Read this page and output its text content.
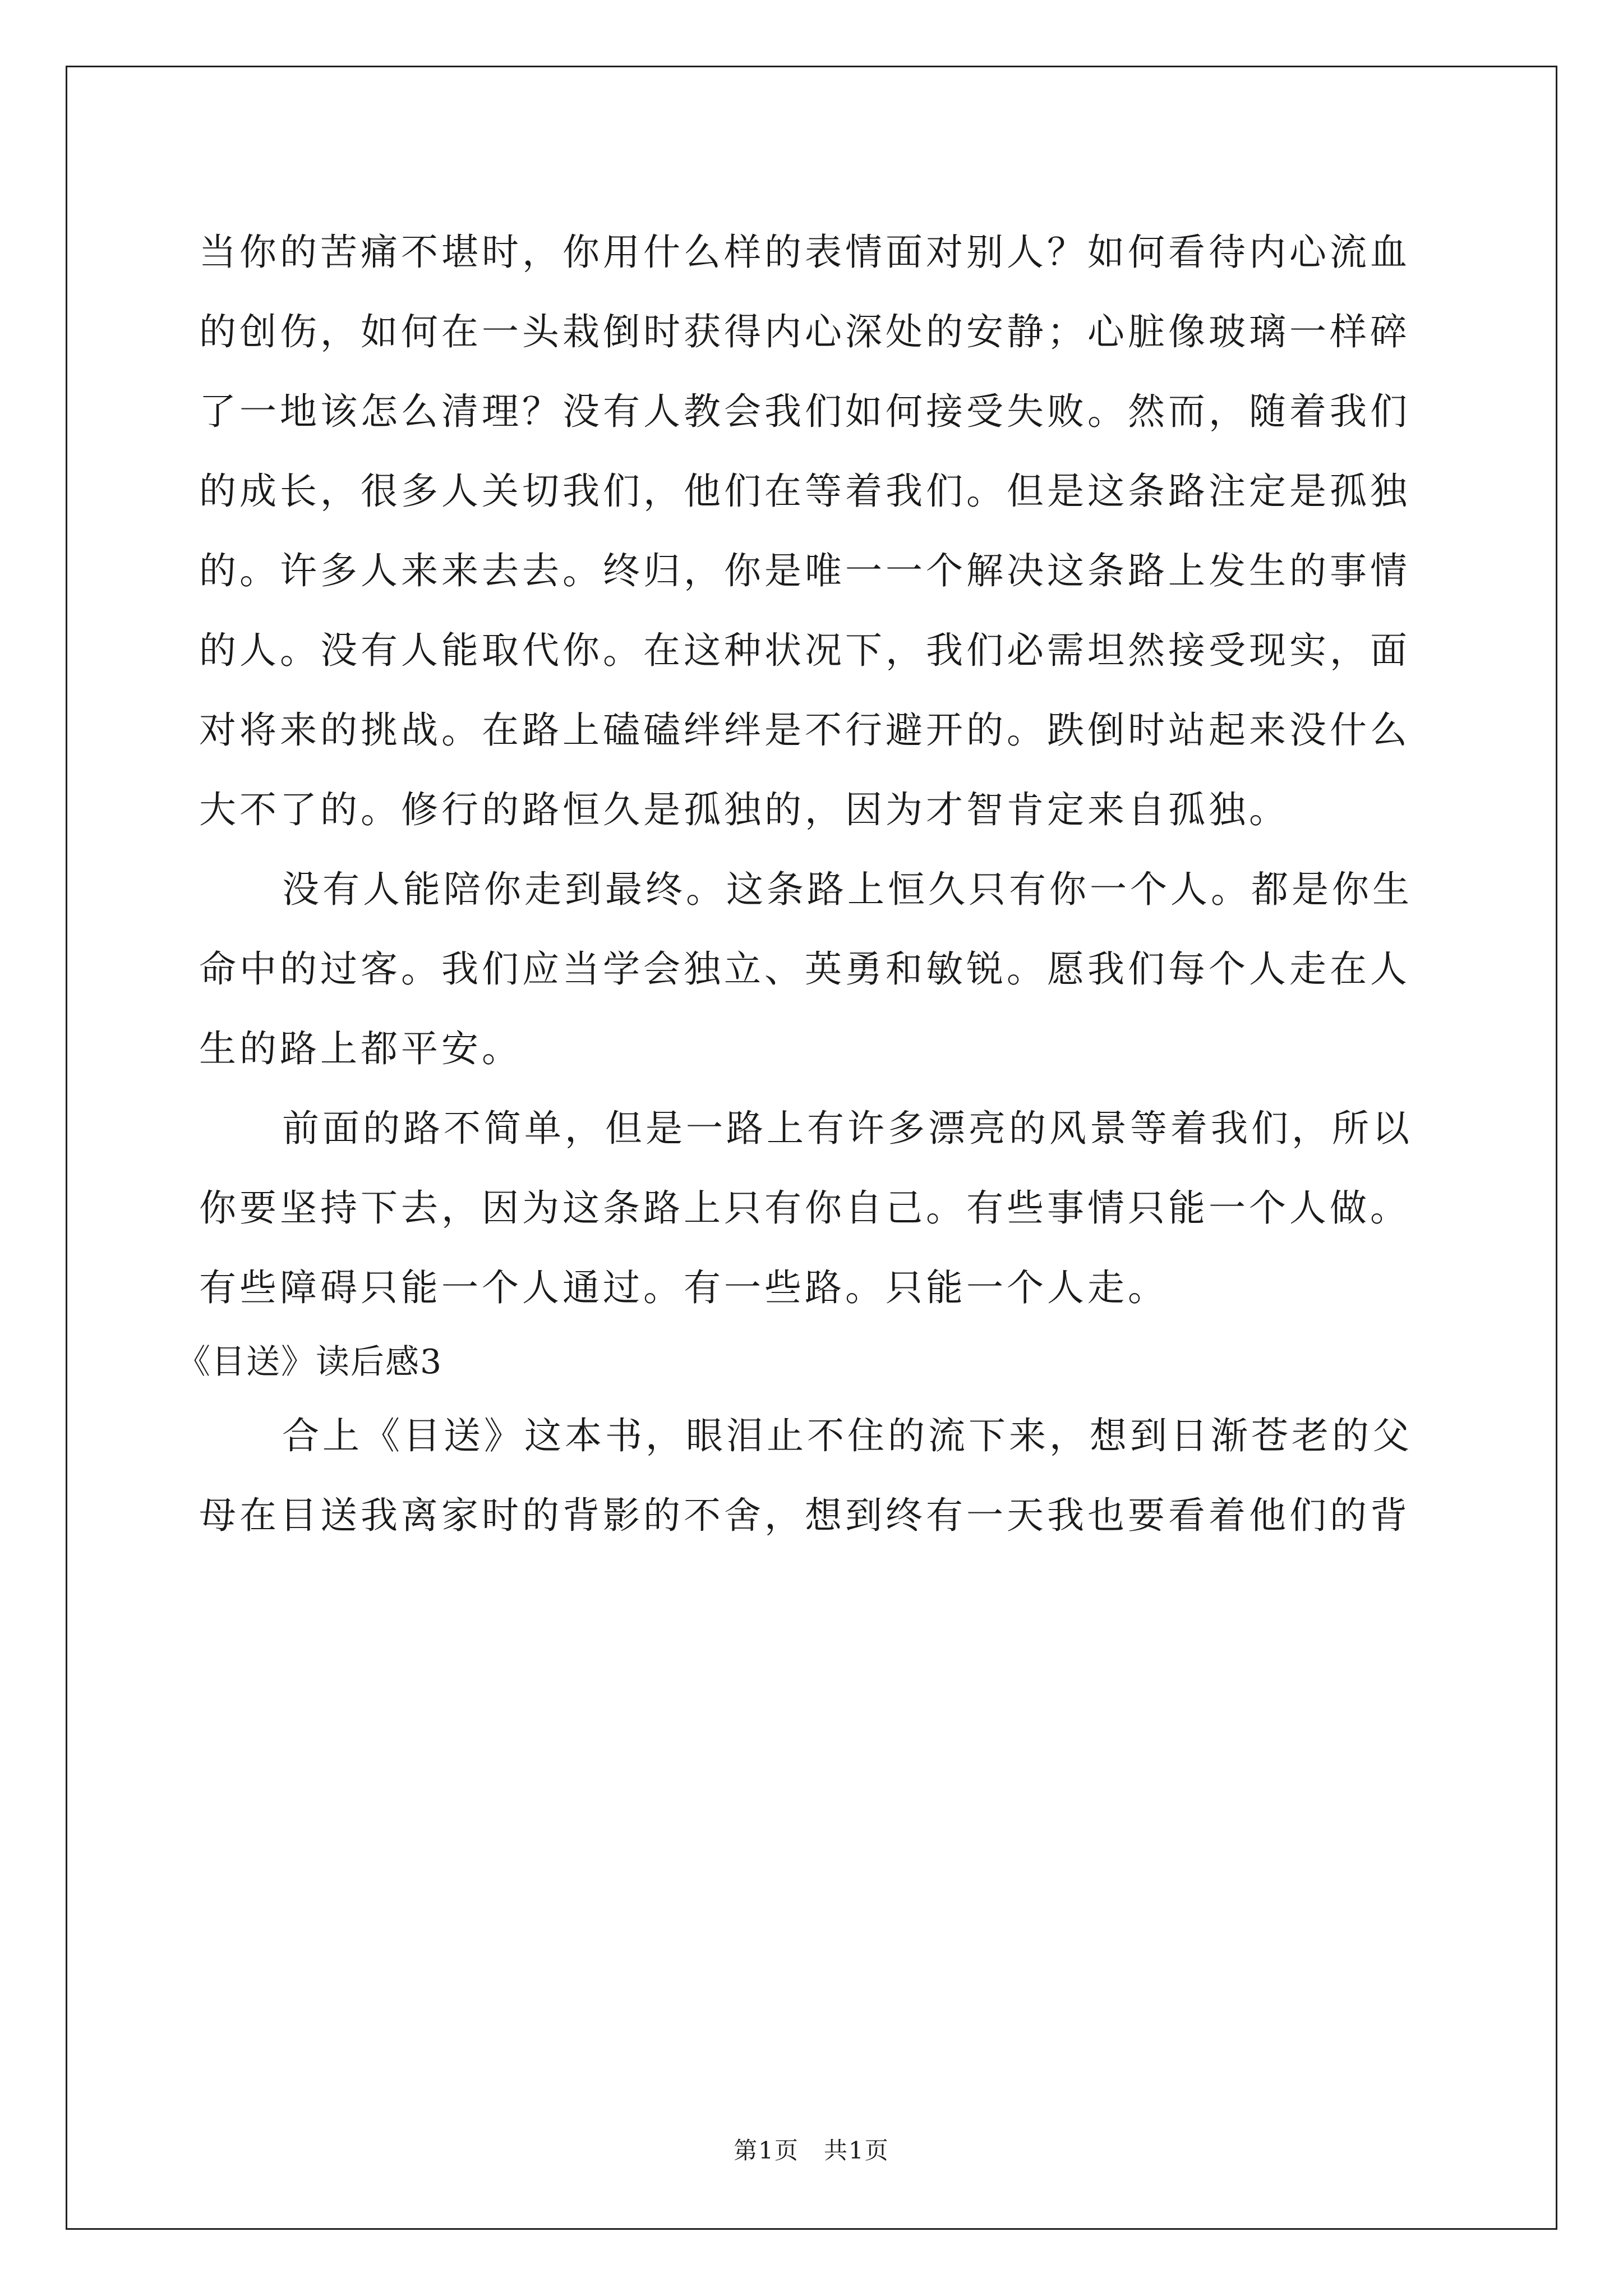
当你的苦痛不堪时，你用什么样的表情面对别人？如何看待内心流血
的创伤，如何在一头栽倒时获得内心深处的安静；心脏像玻璃一样碎
了一地该怎么清理？没有人教会我们如何接受失败。然而，随着我们
的成长，很多人关切我们，他们在等着我们。但是这条路注定是孤独
的。许多人来来去去。终归，你是唯一一个解决这条路上发生的事情
的人。没有人能取代你。在这种状况下，我们必需坦然接受现实，面
对将来的挑战。在路上磕磕绊绊是不行避开的。跌倒时站起来没什么
大不了的。修行的路恒久是孤独的，因为才智肯定来自孤独。
没有人能陪你走到最终。这条路上恒久只有你一个人。都是你生
命中的过客。我们应当学会独立、英勇和敏锐。愿我们每个人走在人
生的路上都平安。
前面的路不简单，但是一路上有许多漂亮的风景等着我们，所以
你要坚持下去，因为这条路上只有你自己。有些事情只能一个人做。
有些障碍只能一个人通过。有一些路。只能一个人走。
《目送》读后感3
合上《目送》这本书，眼泪止不住的流下来，想到日渐苍老的父
母在目送我离家时的背影的不舍，想到终有一天我也要看着他们的背
第1页　共1页
